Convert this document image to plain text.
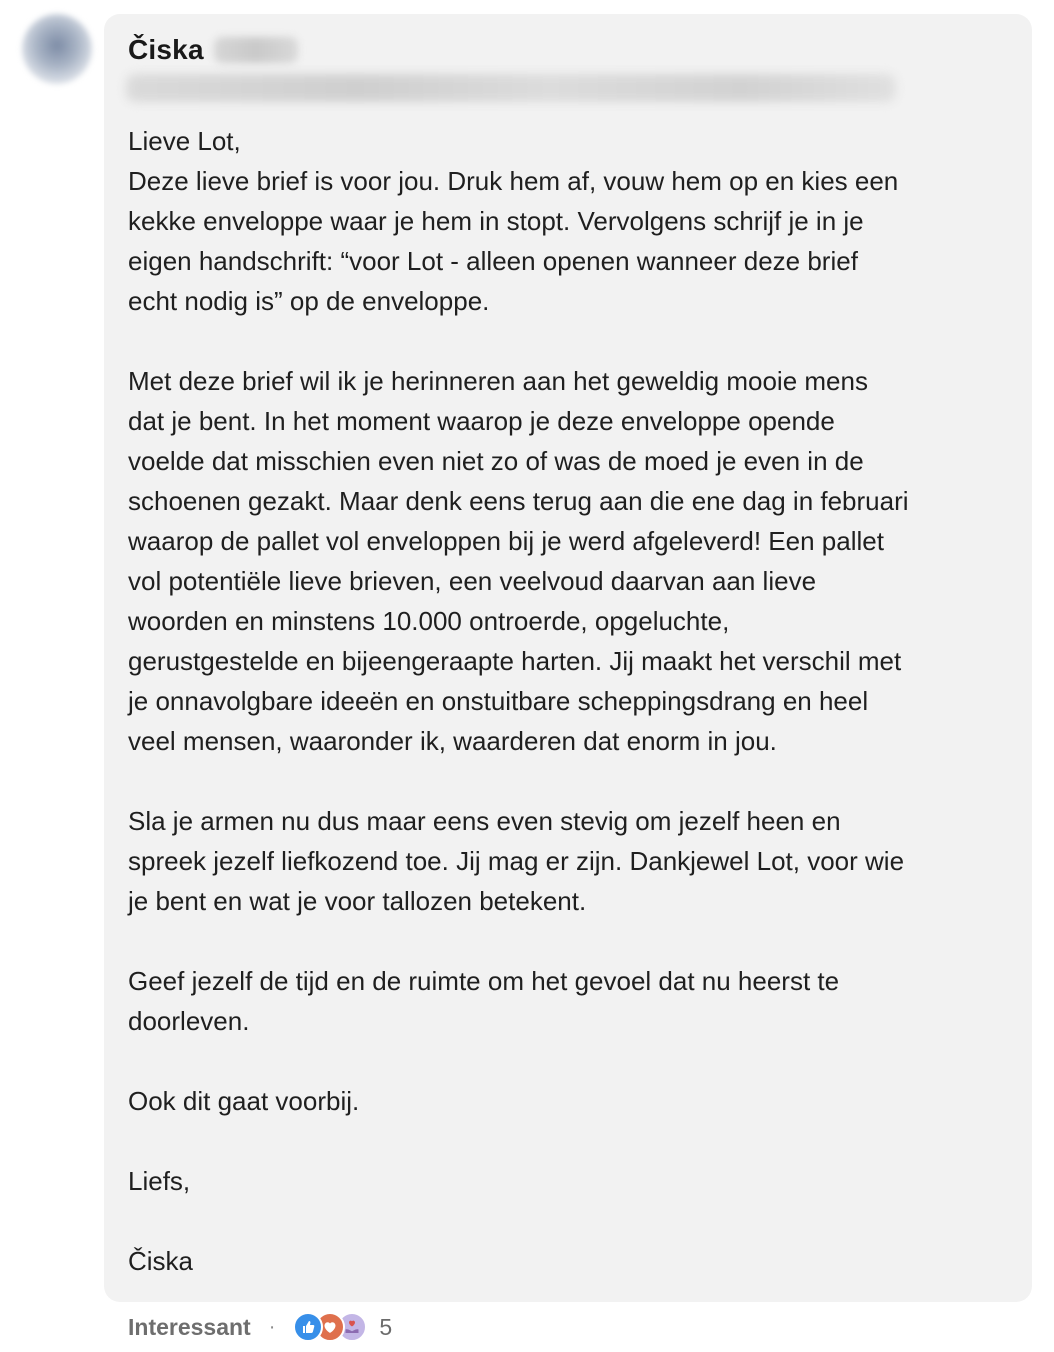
Čiska

Lieve Lot,
Deze lieve brief is voor jou. Druk hem af, vouw hem op en kies een
kekke enveloppe waar je hem in stopt. Vervolgens schrijf je in je
eigen handschrift: “voor Lot - alleen openen wanneer deze brief
echt nodig is” op de enveloppe.

Met deze brief wil ik je herinneren aan het geweldig mooie mens
dat je bent. In het moment waarop je deze enveloppe opende
voelde dat misschien even niet zo of was de moed je even in de
schoenen gezakt. Maar denk eens terug aan die ene dag in februari
waarop de pallet vol enveloppen bij je werd afgeleverd! Een pallet
vol potentiële lieve brieven, een veelvoud daarvan aan lieve
woorden en minstens 10.000 ontroerde, opgeluchte,
gerustgestelde en bijeengeraapte harten. Jij maakt het verschil met
je onnavolgbare ideeën en onstuitbare scheppingsdrang en heel
veel mensen, waaronder ik, waarderen dat enorm in jou.

Sla je armen nu dus maar eens even stevig om jezelf heen en
spreek jezelf liefkozend toe. Jij mag er zijn. Dankjewel Lot, voor wie
je bent en wat je voor tallozen betekent.

Geef jezelf de tijd en de ruimte om het gevoel dat nu heerst te
doorleven.

Ook dit gaat voorbij.

Liefs,

Čiska

Interessant ·	5
